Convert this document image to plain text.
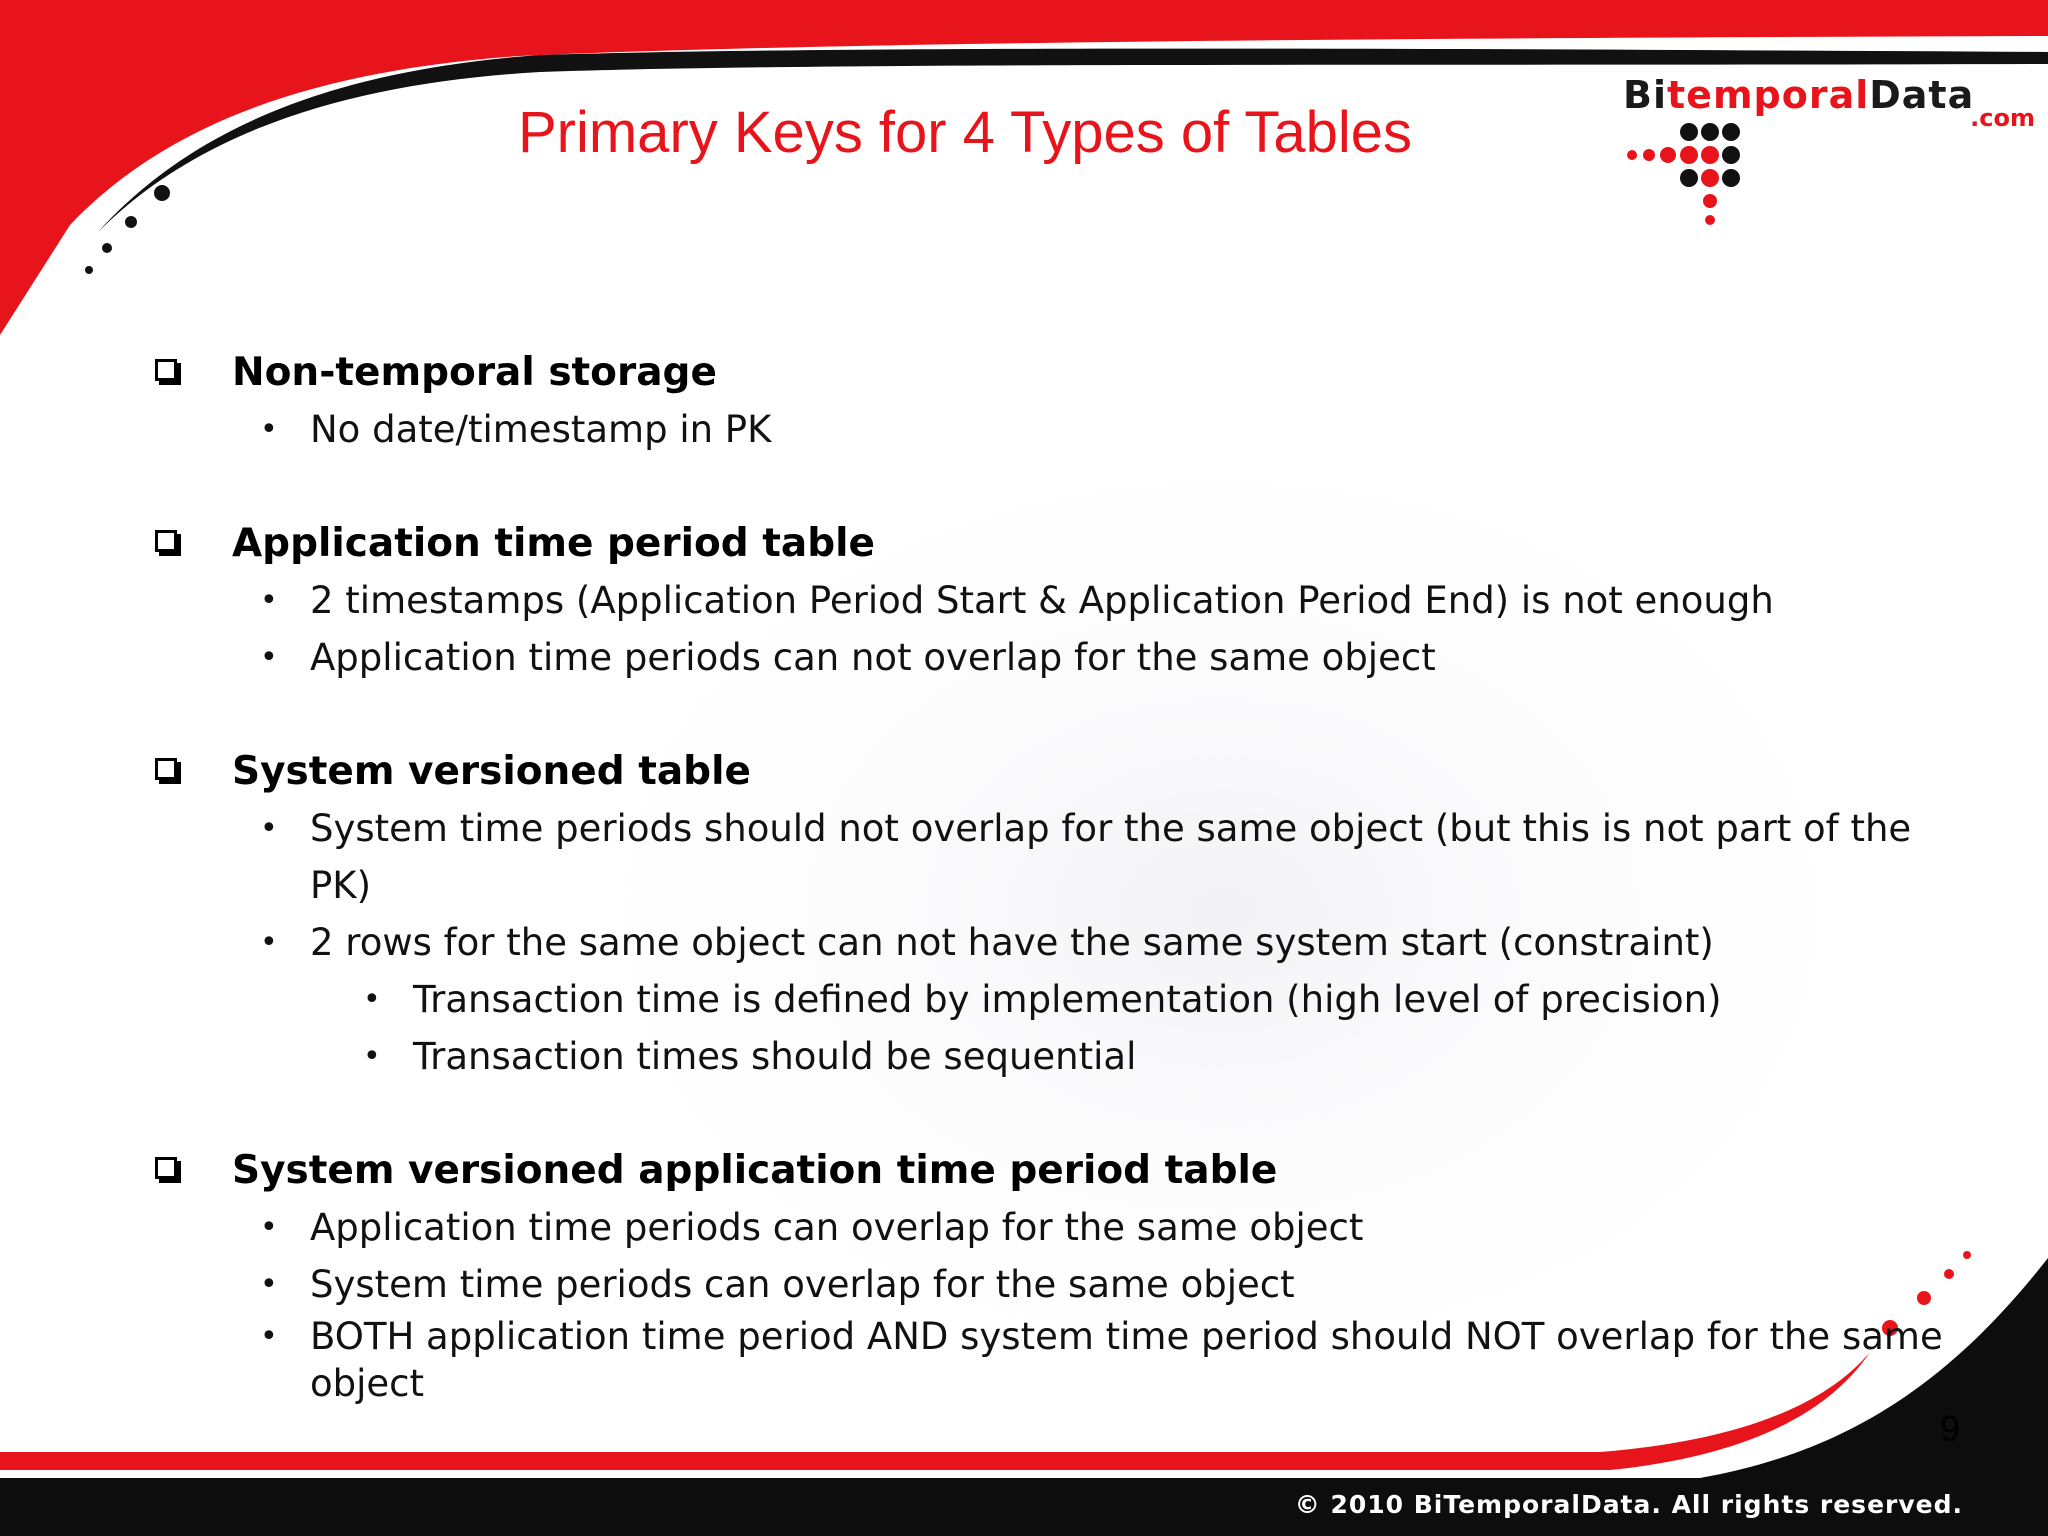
Primary Keys for 4 Types of Tables
BitemporalData
.com
Non-temporal storage
• No date/timestamp in PK
Application time period table
• 2 timestamps (Application Period Start & Application Period End) is not enough
• Application time periods can not overlap for the same object
System versioned table
• System time periods should not overlap for the same object (but this is not part of the PK)
• 2 rows for the same object can not have the same system start (constraint)
• Transaction time is defined by implementation (high level of precision)
• Transaction times should be sequential
System versioned application time period table
• Application time periods can overlap for the same object
• System time periods can overlap for the same object
• BOTH application time period AND system time period should NOT overlap for the same object
9
© 2010 BiTemporalData. All rights reserved.
